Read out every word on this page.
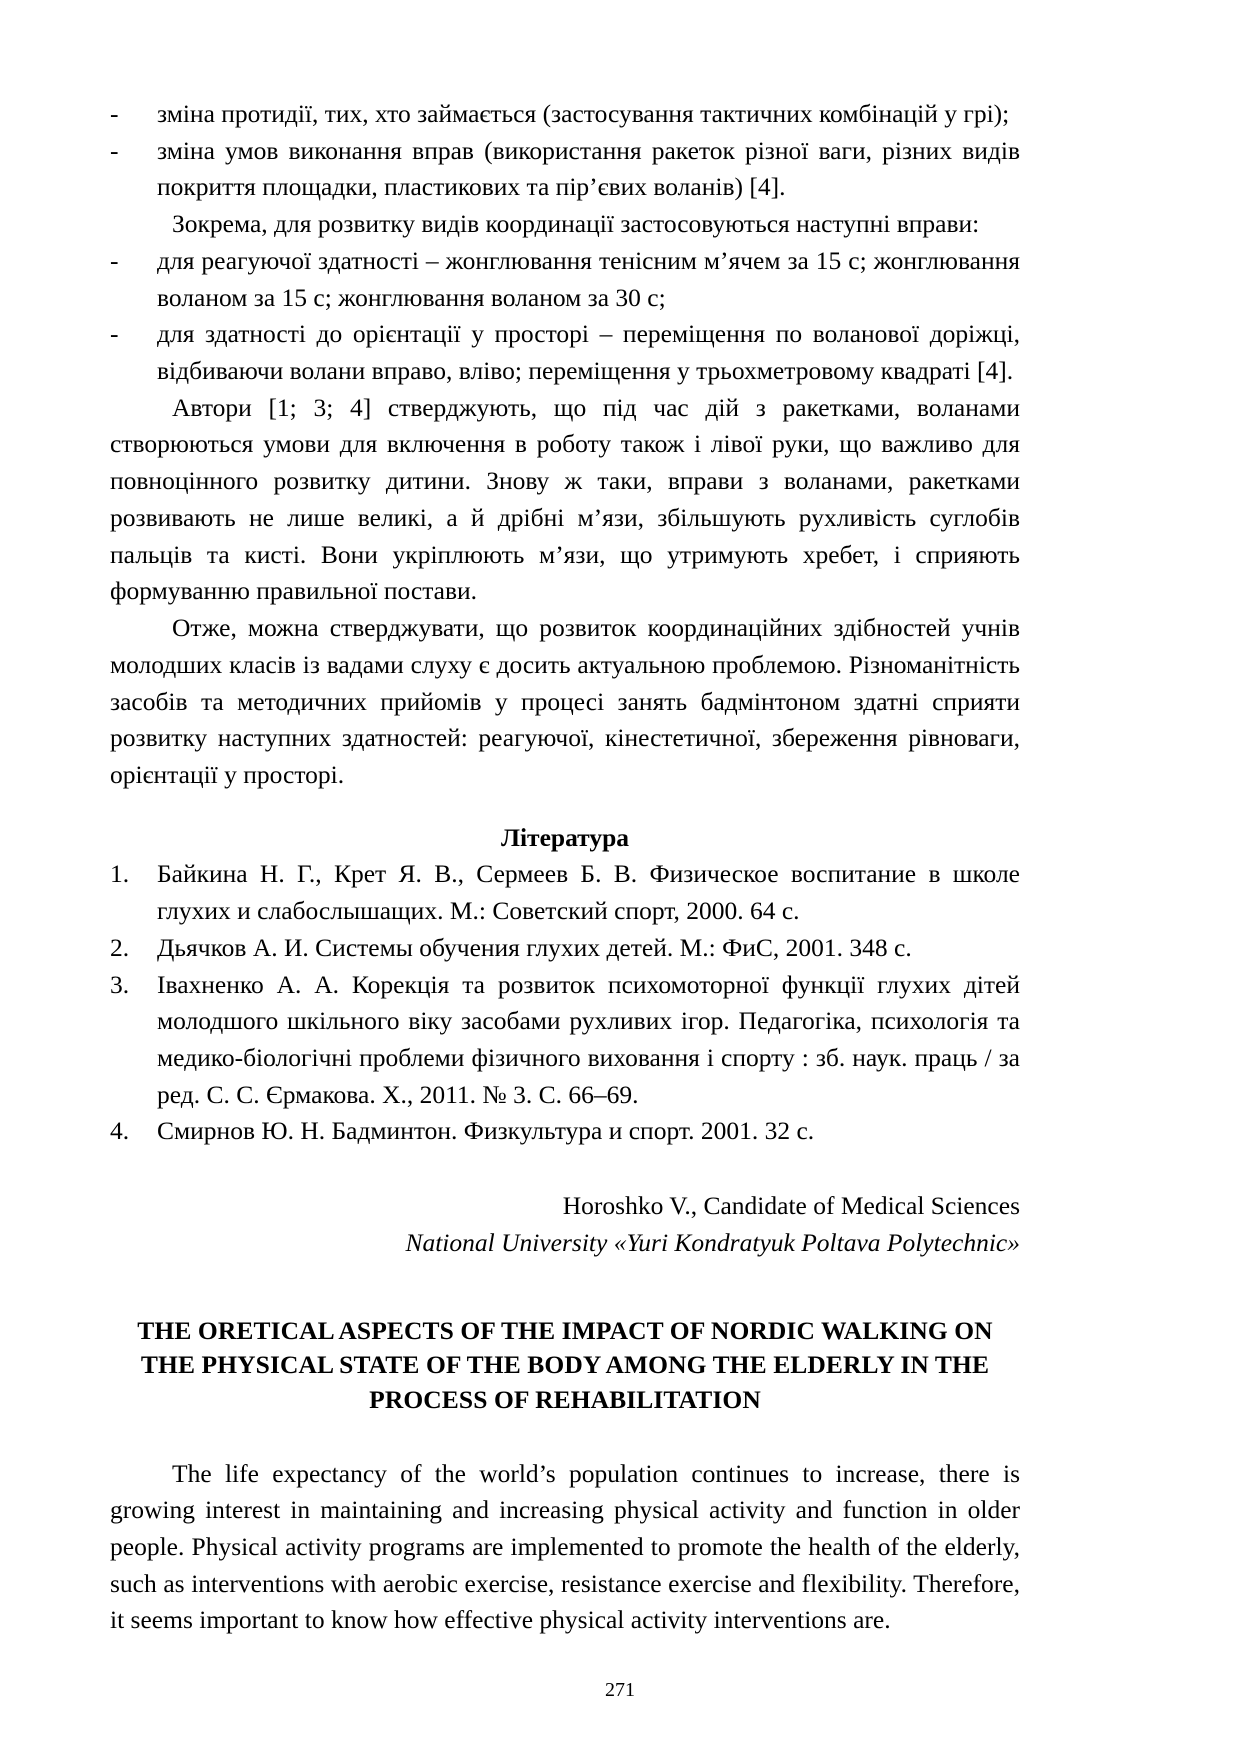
-	зміна протидії, тих, хто займається (застосування тактичних комбінацій у грі);
-	зміна умов виконання вправ (використання ракеток різної ваги, різних видів покриття площадки, пластикових та пір’євих воланів) [4].

Зокрема, для розвитку видів координації застосовуються наступні вправи:

-	для реагуючої здатності – жонглювання тенісним м’ячем за 15 с; жонглювання воланом за 15 с; жонглювання воланом за 30 с;
-	для здатності до орієнтації у просторі – переміщення по воланової доріжці, відбиваючи волани вправо, вліво; переміщення у трьохметровому квадраті [4].

Автори [1; 3; 4] стверджують, що під час дій з ракетками, воланами створюються умови для включення в роботу також і лівої руки, що важливо для повноцінного розвитку дитини. Знову ж таки, вправи з воланами, ракетками розвивають не лише великі, а й дрібні м’язи, збільшують рухливість суглобів пальців та кисті. Вони укріплюють м’язи, що утримують хребет, і сприяють формуванню правильної постави.

Отже, можна стверджувати, що розвиток координаційних здібностей учнів молодших класів із вадами слуху є досить актуальною проблемою. Різноманітність засобів та методичних прийомів у процесі занять бадмінтоном здатні сприяти розвитку наступних здатностей: реагуючої, кінестетичної, збереження рівноваги, орієнтації у просторі.

Література

1.	Байкина Н. Г., Крет Я. В., Сермеев Б. В. Физическое воспитание в школе глухих и слабослышащих. М.: Советский спорт, 2000. 64 с.
2.	Дьячков А. И. Системы обучения глухих детей. М.: ФиС, 2001. 348 с.
3.	Івахненко А. А. Корекція та розвиток психомоторної функції глухих дітей молодшого шкільного віку засобами рухливих ігор. Педагогіка, психологія та медико-біологічні проблеми фізичного виховання і спорту : зб. наук. праць / за ред. С. С. Єрмакова. Х., 2011. № 3. С. 66–69.
4.	Смирнов Ю. Н. Бадминтон. Физкультура и спорт. 2001. 32 с.

Horoshko V., Candidate of Medical Sciences

National University «Yuri Kondratyuk Poltava Polytechnic»

THE ORETICAL ASPECTS OF THE IMPACT OF NORDIC WALKING ON THE PHYSICAL STATE OF THE BODY AMONG THE ELDERLY IN THE PROCESS OF REHABILITATION

The life expectancy of the world’s population continues to increase, there is growing interest in maintaining and increasing physical activity and function in older people. Physical activity programs are implemented to promote the health of the elderly, such as interventions with aerobic exercise, resistance exercise and flexibility. Therefore, it seems important to know how effective physical activity interventions are.

271
